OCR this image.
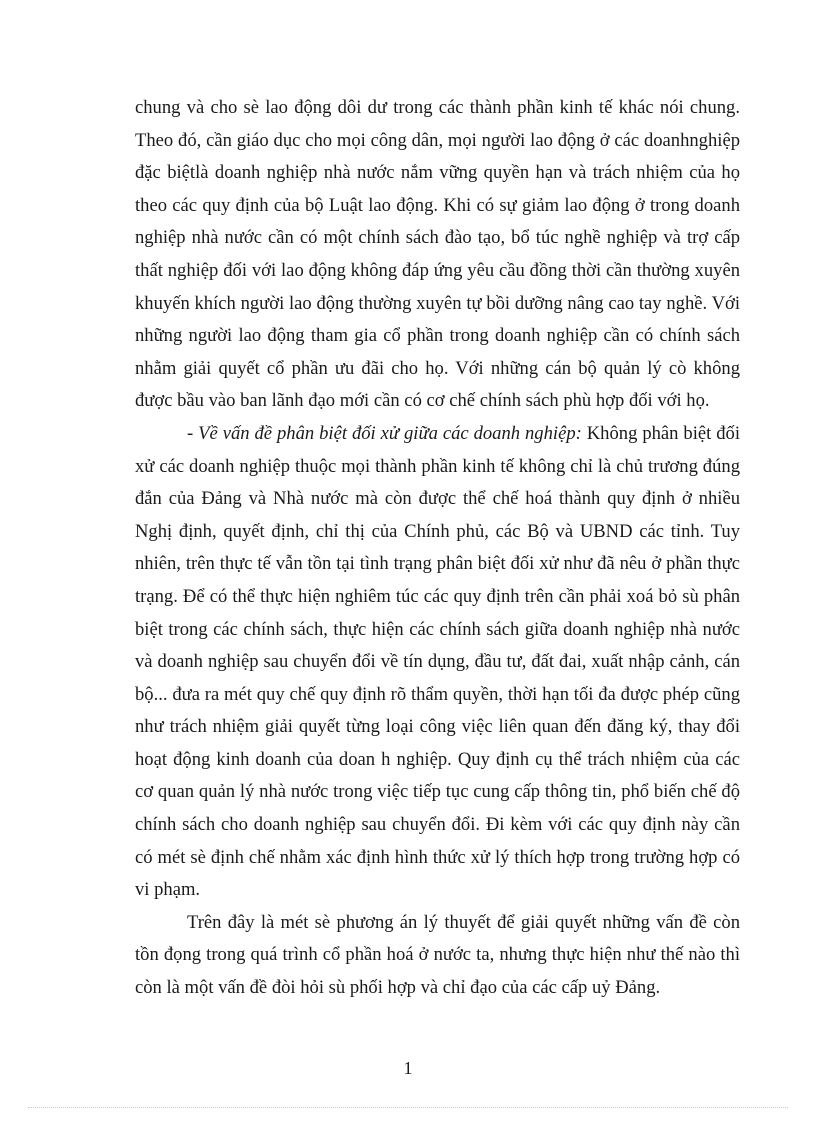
chung và cho sè lao động dôi dư trong các thành phần kinh tế khác nói chung. Theo đó, cần giáo dục cho mọi công dân, mọi người lao động ở các doanhnghiệp đặc biệtlà doanh nghiệp nhà nước nắm vững quyền hạn và trách nhiệm của họ theo các quy định của bộ Luật lao động. Khi có sự giảm lao động ở trong doanh nghiệp nhà nước cần có một chính sách đào tạo, bổ túc nghề nghiệp và trợ cấp thất nghiệp đối với lao động không đáp ứng yêu cầu đồng thời cần thường xuyên khuyến khích người lao động thường xuyên tự bồi dưỡng nâng cao tay nghề. Với những người lao động tham gia cổ phần trong doanh nghiệp cần có chính sách nhằm giải quyết cổ phần ưu đãi cho họ. Với những cán bộ quản lý cò không được bầu vào ban lãnh đạo mới cần có cơ chế chính sách phù hợp đối với họ.

- Về vấn đề phân biệt đối xử giữa các doanh nghiệp: Không phân biệt đối xử các doanh nghiệp thuộc mọi thành phần kinh tế không chỉ là chủ trương đúng đắn của Đảng và Nhà nước mà còn được thể chế hoá thành quy định ở nhiều Nghị định, quyết định, chỉ thị của Chính phủ, các Bộ và UBND các tỉnh. Tuy nhiên, trên thực tế vẫn tồn tại tình trạng phân biệt đối xử như đã nêu ở phần thực trạng. Để có thể thực hiện nghiêm túc các quy định trên cần phải xoá bỏ sù phân biệt trong các chính sách, thực hiện các chính sách giữa doanh nghiệp nhà nước và doanh nghiệp sau chuyển đổi về tín dụng, đầu tư, đất đai, xuất nhập cảnh, cán bộ... đưa ra mét quy chế quy định rõ thẩm quyền, thời hạn tối đa được phép cũng như trách nhiệm giải quyết từng loại công việc liên quan đến đăng ký, thay đổi hoạt động kinh doanh của doan h nghiệp. Quy định cụ thể trách nhiệm của các cơ quan quản lý nhà nước trong việc tiếp tục cung cấp thông tin, phổ biến chế độ chính sách cho doanh nghiệp sau chuyển đổi. Đi kèm với các quy định này cần có mét sè định chế nhằm xác định hình thức xử lý thích hợp trong trường hợp có vi phạm.

Trên đây là mét sè phương án lý thuyết để giải quyết những vấn đề còn tồn đọng trong quá trình cổ phần hoá ở nước ta, nhưng thực hiện như thế nào thì còn là một vấn đề đòi hỏi sù phối hợp và chỉ đạo của các cấp uỷ Đảng.

1
